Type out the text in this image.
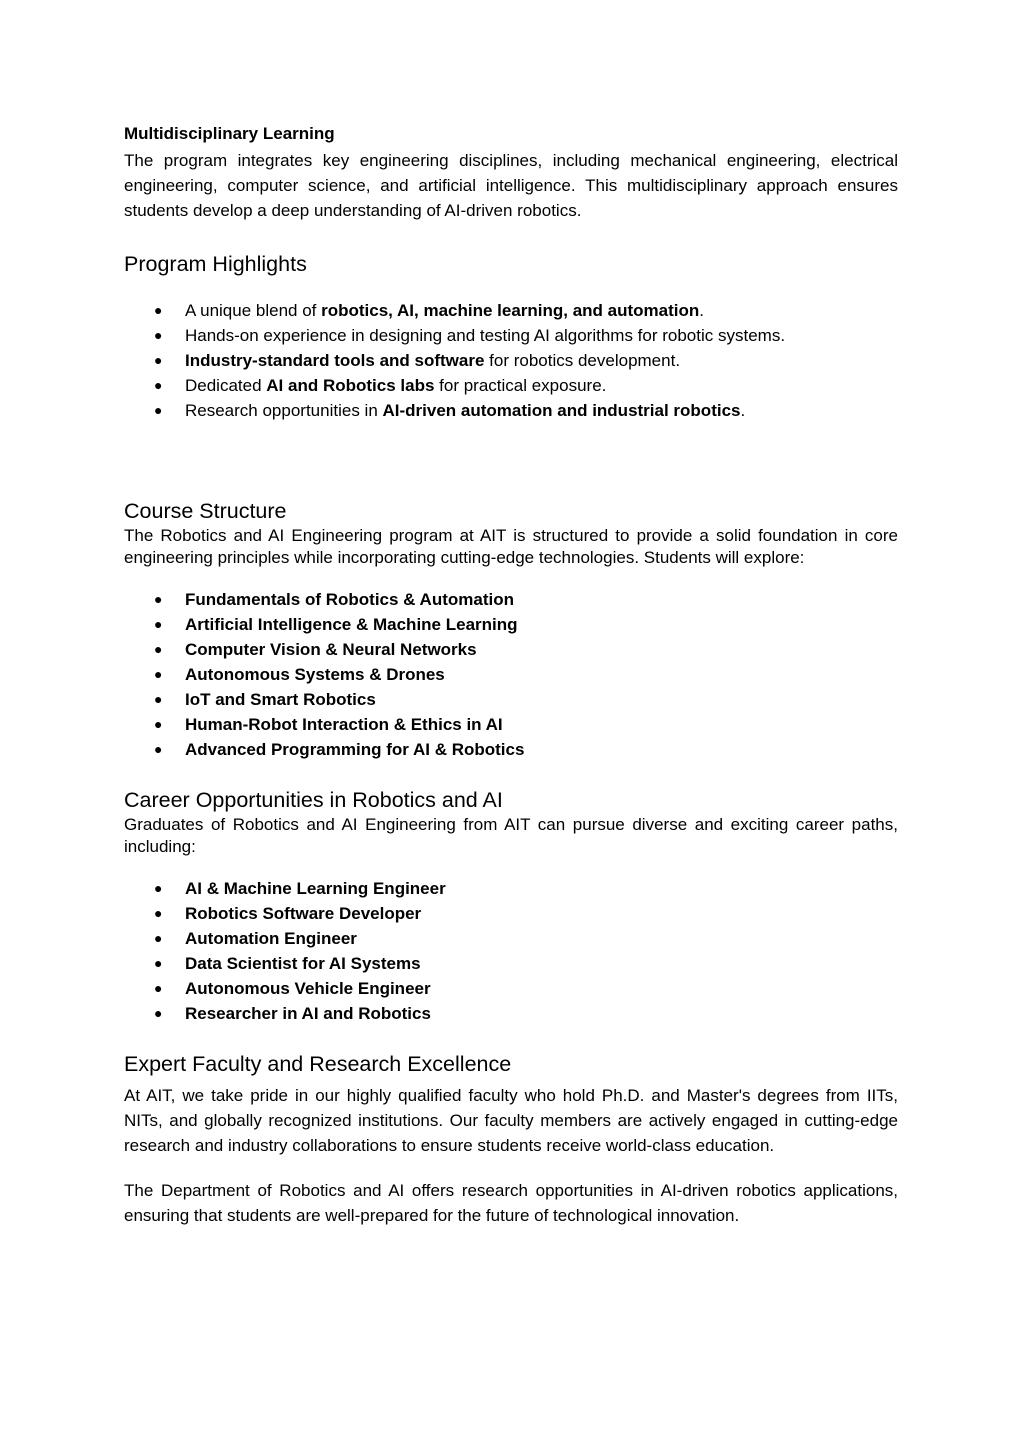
Multidisciplinary Learning

The program integrates key engineering disciplines, including mechanical engineering, electrical engineering, computer science, and artificial intelligence. This multidisciplinary approach ensures students develop a deep understanding of AI-driven robotics.

Program Highlights
● A unique blend of robotics, AI, machine learning, and automation.
● Hands-on experience in designing and testing AI algorithms for robotic systems.
● Industry-standard tools and software for robotics development.
● Dedicated AI and Robotics labs for practical exposure.
● Research opportunities in AI-driven automation and industrial robotics.
Course Structure

The Robotics and AI Engineering program at AIT is structured to provide a solid foundation in core engineering principles while incorporating cutting-edge technologies. Students will explore:

● Fundamentals of Robotics & Automation
● Artificial Intelligence & Machine Learning
● Computer Vision & Neural Networks
● Autonomous Systems & Drones
● IoT and Smart Robotics
● Human-Robot Interaction & Ethics in AI
● Advanced Programming for AI & Robotics
Career Opportunities in Robotics and AI

Graduates of Robotics and AI Engineering from AIT can pursue diverse and exciting career paths, including:

● AI & Machine Learning Engineer
● Robotics Software Developer
● Automation Engineer
● Data Scientist for AI Systems
● Autonomous Vehicle Engineer
● Researcher in AI and Robotics
Expert Faculty and Research Excellence

At AIT, we take pride in our highly qualified faculty who hold Ph.D. and Master's degrees from IITs, NITs, and globally recognized institutions. Our faculty members are actively engaged in cutting-edge research and industry collaborations to ensure students receive world-class education.

The Department of Robotics and AI offers research opportunities in AI-driven robotics applications, ensuring that students are well-prepared for the future of technological innovation.
